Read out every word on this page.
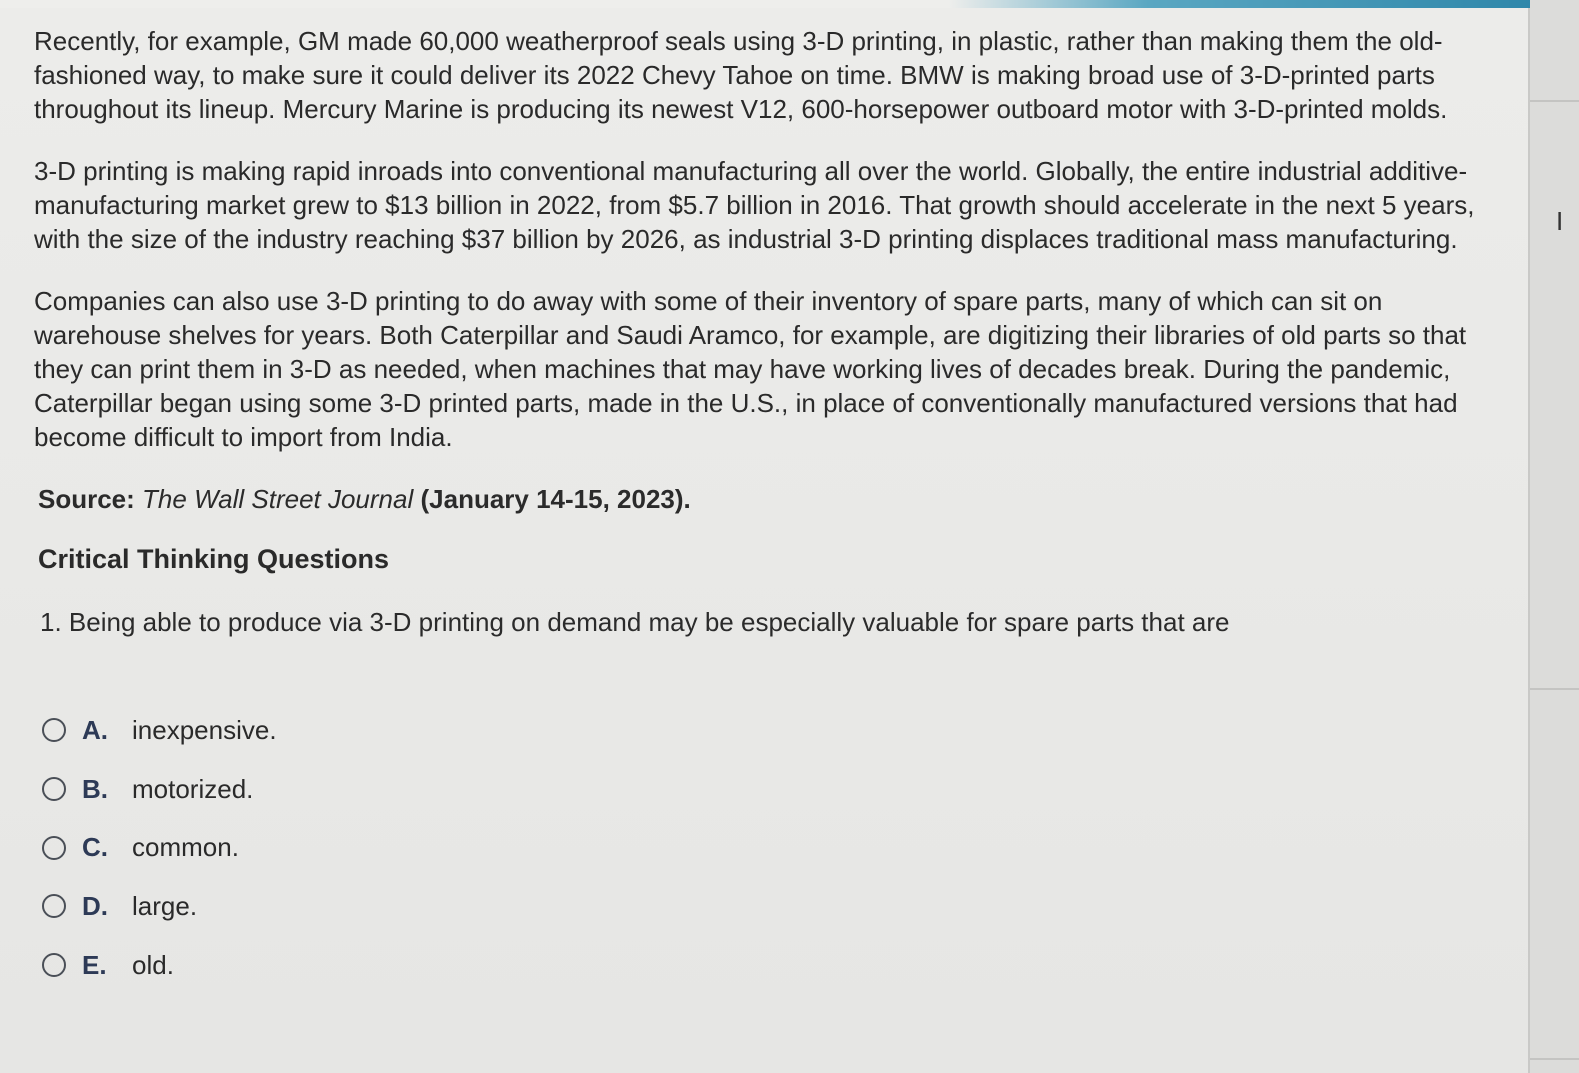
I

Recently, for example, GM made 60,000 weatherproof seals using 3-D printing, in plastic, rather than making them the old-fashioned way, to make sure it could deliver its 2022 Chevy Tahoe on time. BMW is making broad use of 3-D-printed parts throughout its lineup. Mercury Marine is producing its newest V12, 600-horsepower outboard motor with 3-D-printed molds.

3-D printing is making rapid inroads into conventional manufacturing all over the world. Globally, the entire industrial additive-manufacturing market grew to $13 billion in 2022, from $5.7 billion in 2016. That growth should accelerate in the next 5 years, with the size of the industry reaching $37 billion by 2026, as industrial 3-D printing displaces traditional mass manufacturing.

Companies can also use 3-D printing to do away with some of their inventory of spare parts, many of which can sit on warehouse shelves for years. Both Caterpillar and Saudi Aramco, for example, are digitizing their libraries of old parts so that they can print them in 3-D as needed, when machines that may have working lives of decades break. During the pandemic, Caterpillar began using some 3-D printed parts, made in the U.S., in place of conventionally manufactured versions that had become difficult to import from India.

Source: The Wall Street Journal (January 14-15, 2023).
Critical Thinking Questions
1. Being able to produce via 3-D printing on demand may be especially valuable for spare parts that are
A. inexpensive.
B. motorized.
C. common.
D. large.
E. old.
